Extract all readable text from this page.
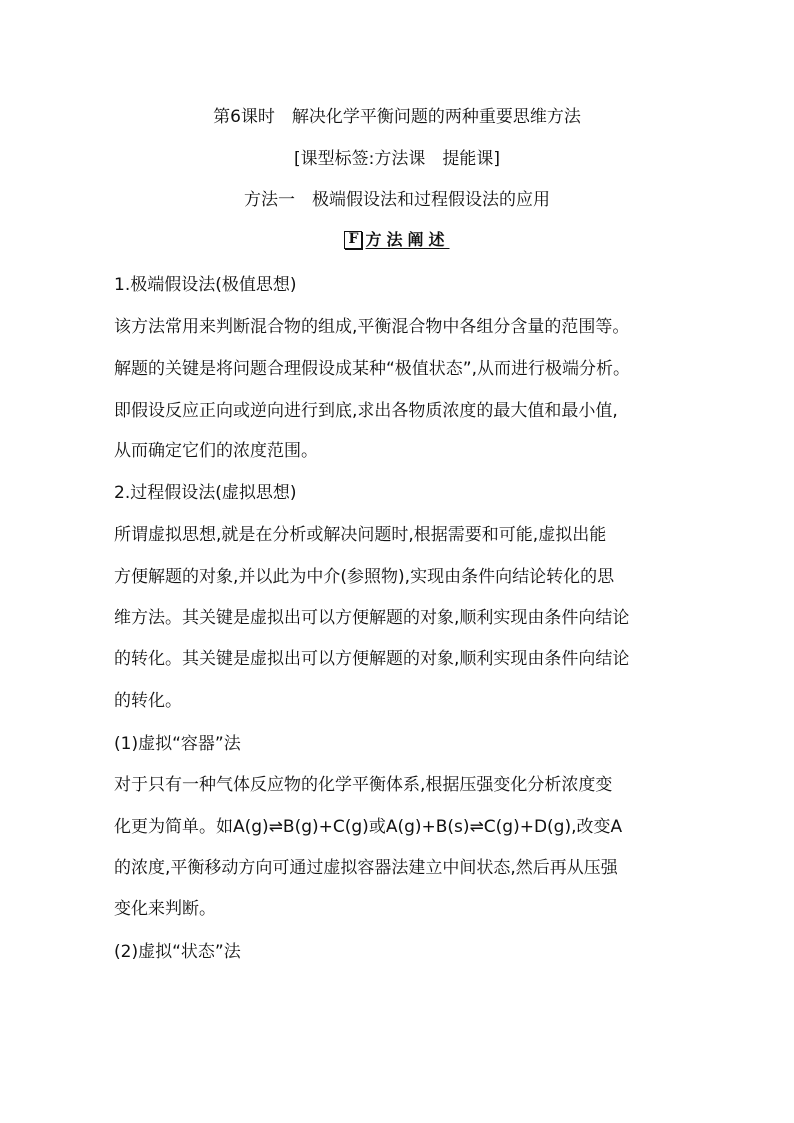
第6课时　解决化学平衡问题的两种重要思维方法
[课型标签:方法课　提能课]
方法一　极端假设法和过程假设法的应用
F 方法阐述
1.极端假设法(极值思想)
该方法常用来判断混合物的组成,平衡混合物中各组分含量的范围等。
解题的关键是将问题合理假设成某种“极值状态”,从而进行极端分析。
即假设反应正向或逆向进行到底,求出各物质浓度的最大值和最小值,
从而确定它们的浓度范围。
2.过程假设法(虚拟思想)
所谓虚拟思想,就是在分析或解决问题时,根据需要和可能,虚拟出能
方便解题的对象,并以此为中介(参照物),实现由条件向结论转化的思
维方法。其关键是虚拟出可以方便解题的对象,顺利实现由条件向结论
的转化。其关键是虚拟出可以方便解题的对象,顺利实现由条件向结论
的转化。
(1)虚拟“容器”法
对于只有一种气体反应物的化学平衡体系,根据压强变化分析浓度变
化更为简单。如A(g)⇌B(g)+C(g)或A(g)+B(s)⇌C(g)+D(g),改变A
的浓度,平衡移动方向可通过虚拟容器法建立中间状态,然后再从压强
变化来判断。
(2)虚拟“状态”法
